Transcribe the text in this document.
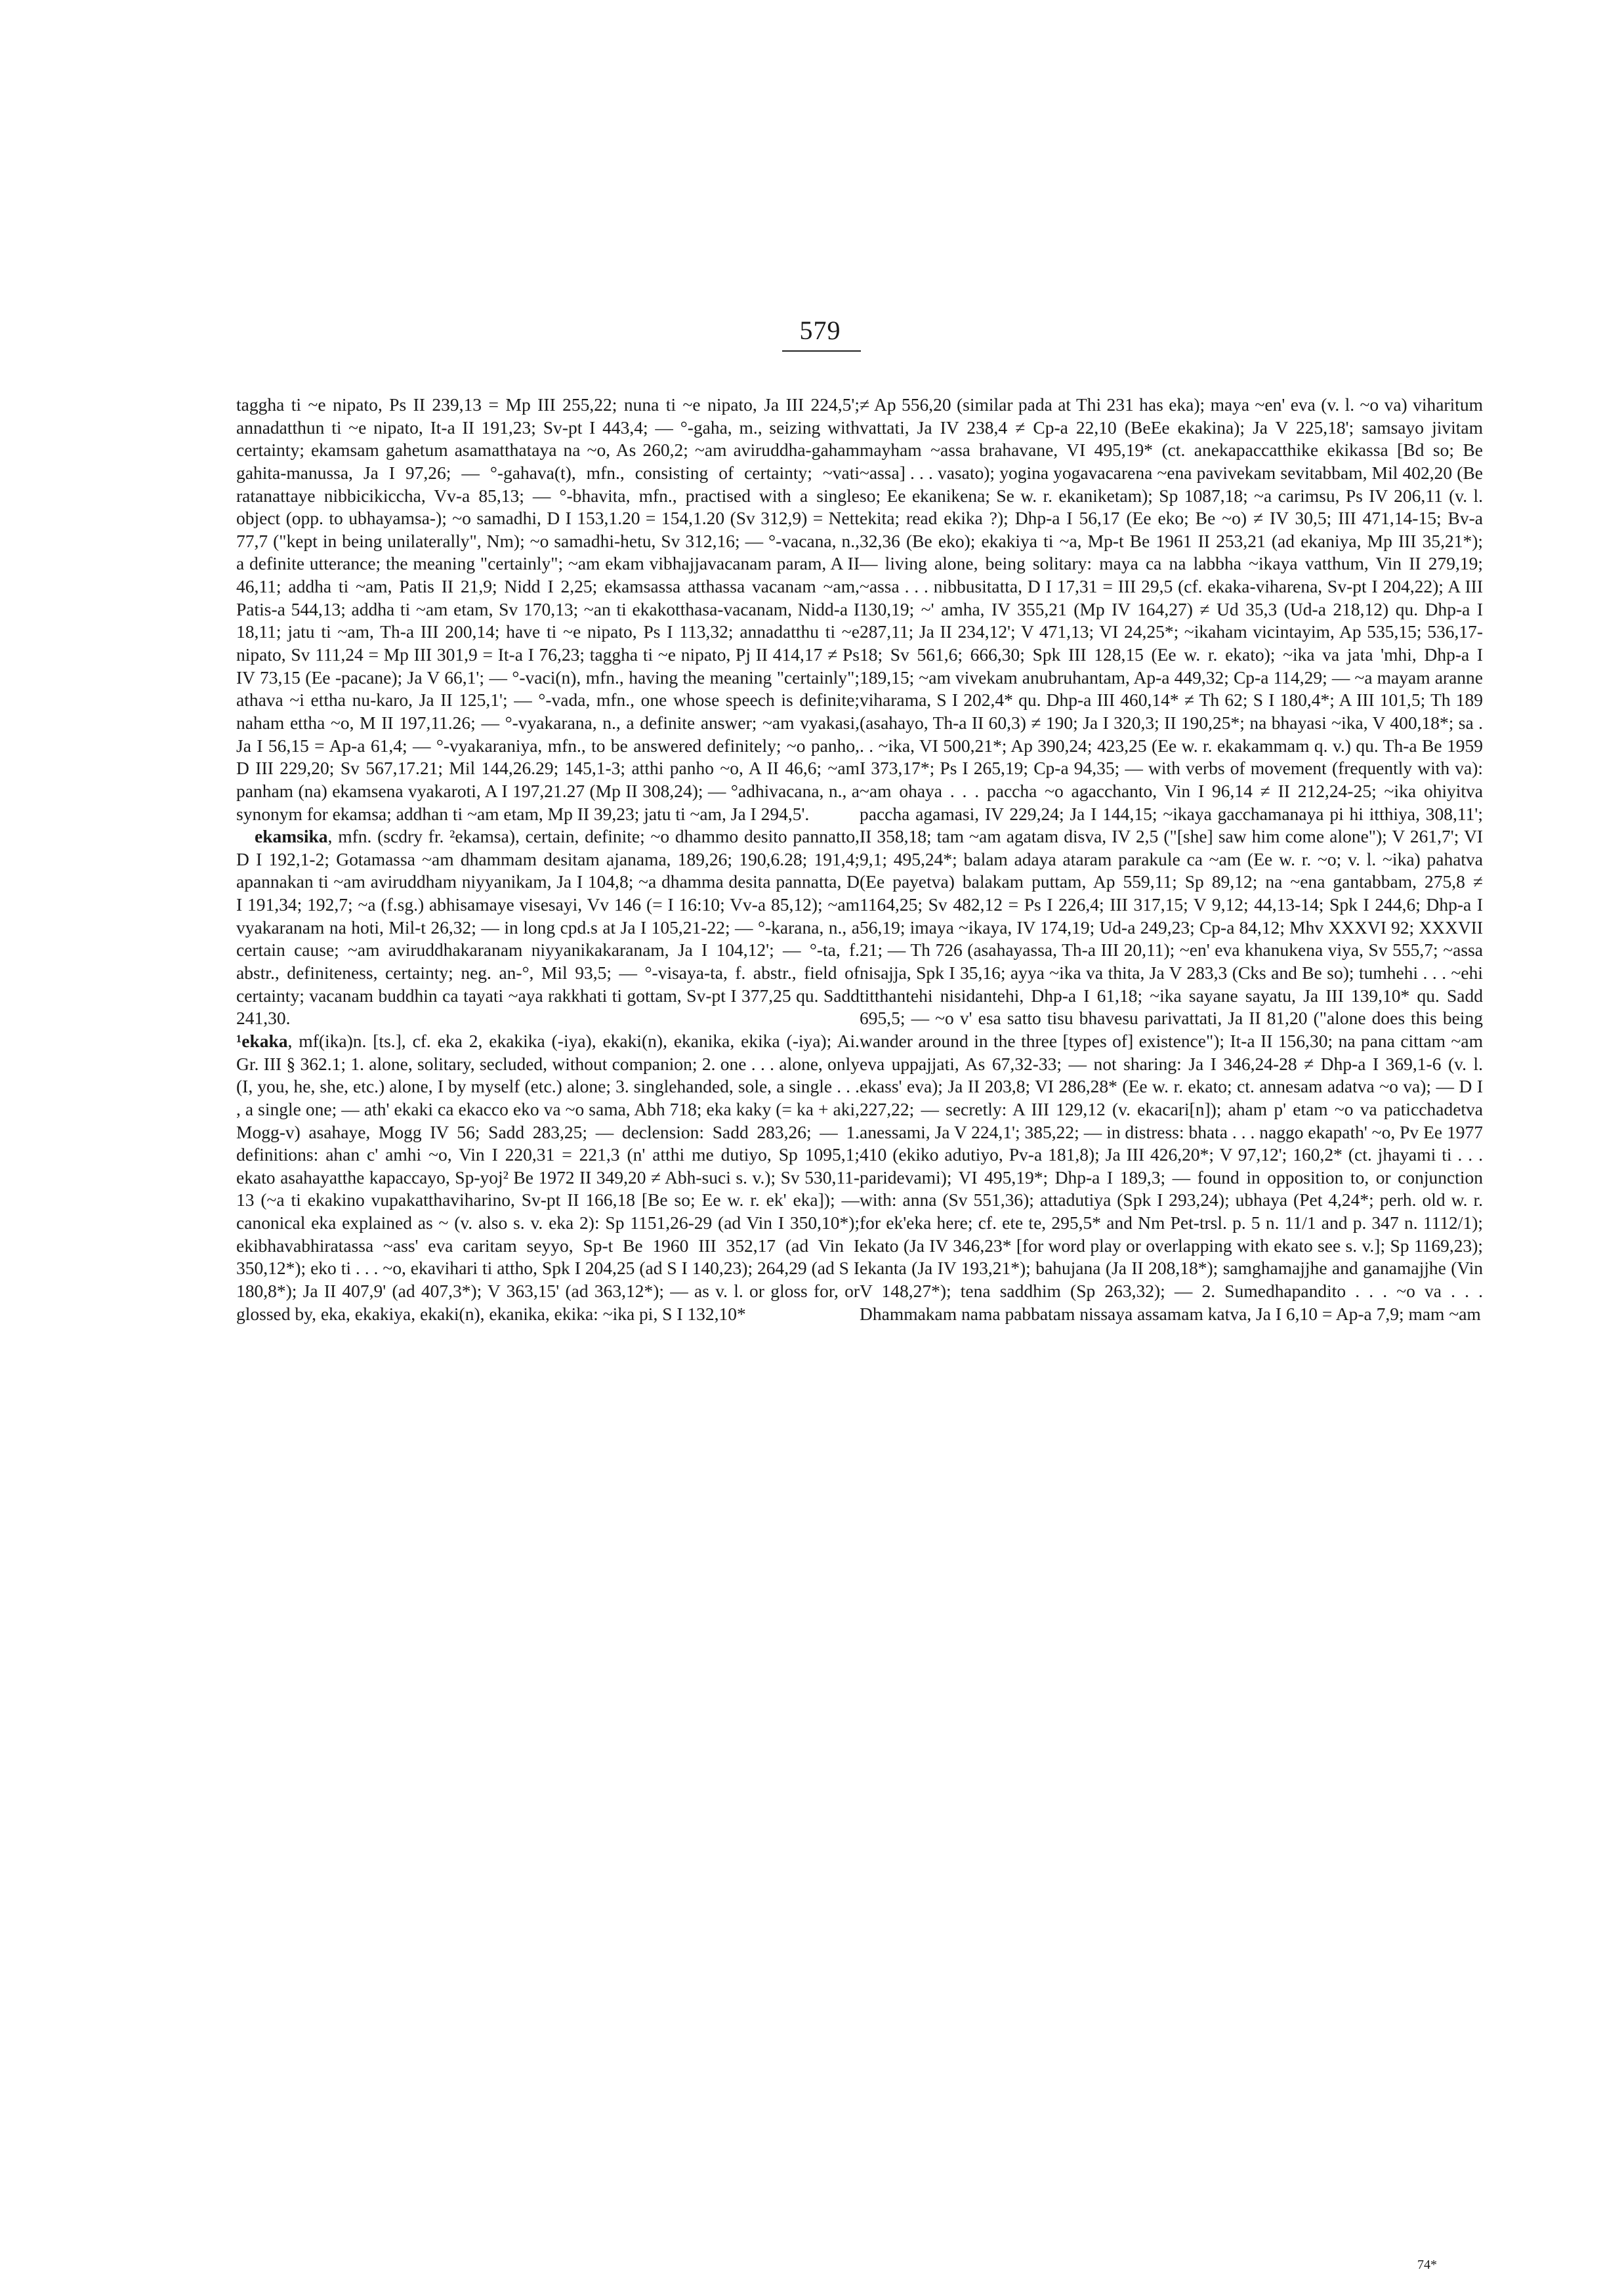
579

taggha ti ~e nipato, Ps II 239,13 = Mp III 255,22; nuna ti ~e nipato, Ja III 224,5'; annadatthun ti ~e nipato, It-a II 191,23; Sv-pt I 443,4; — °-gaha, m., seizing with certainty; ekamsam gahetum asamatthataya na ~o, As 260,2; ~am aviruddha-gaham gahita-manussa, Ja I 97,26; — °-gahava(t), mfn., consisting of certainty; ~vati ratanattaye nibbicikiccha, Vv-a 85,13; — °-bhavita, mfn., practised with a single object (opp. to ubhayamsa-); ~o samadhi, D I 153,1.20 = 154,1.20 (Sv 312,9) = Nett 77,7 ("kept in being unilaterally", Nm); ~o samadhi-hetu, Sv 312,16; — °-vacana, n., a definite utterance; the meaning "certainly"; ~am ekam vibhajjavacanam param, A II 46,11; addha ti ~am, Patis II 21,9; Nidd I 2,25; ekamsassa atthassa vacanam ~am, Patis-a 544,13; addha ti ~am etam, Sv 170,13; ~an ti ekakotthasa-vacanam, Nidd-a I 18,11; jatu ti ~am, Th-a III 200,14; have ti ~e nipato, Ps I 113,32; annadatthu ti ~e nipato, Sv 111,24 = Mp III 301,9 = It-a I 76,23; taggha ti ~e nipato, Pj II 414,17 ≠ Ps IV 73,15 (Ee -pacane); Ja V 66,1'; — °-vaci(n), mfn., having the meaning "certainly"; athava ~i ettha nu-karo, Ja II 125,1'; — °-vada, mfn., one whose speech is definite; naham ettha ~o, M II 197,11.26; — °-vyakarana, n., a definite answer; ~am vyakasi, Ja I 56,15 = Ap-a 61,4; — °-vyakaraniya, mfn., to be answered definitely; ~o panho, D III 229,20; Sv 567,17.21; Mil 144,26.29; 145,1-3; atthi panho ~o, A II 46,6; ~am panham (na) ekamsena vyakaroti, A I 197,21.27 (Mp II 308,24); — °adhivacana, n., a synonym for ekamsa; addhan ti ~am etam, Mp II 39,23; jatu ti ~am, Ja I 294,5'.

ekamsika, mfn. (scdry fr. ²ekamsa), certain, definite; ~o dhammo desito pannatto, D I 192,1-2; Gotamassa ~am dhammam desitam ajanama, 189,26; 190,6.28; 191,4; apannakan ti ~am aviruddham niyyanikam, Ja I 104,8; ~a dhamma desita pannatta, D I 191,34; 192,7; ~a (f.sg.) abhisamaye visesayi, Vv 146 (= I 16:10; Vv-a 85,12); ~am vyakaranam na hoti, Mil-t 26,32; — in long cpd.s at Ja I 105,21-22; — °-karana, n., a certain cause; ~am aviruddhakaranam niyyanikakaranam, Ja I 104,12'; — °-ta, f. abstr., definiteness, certainty; neg. an-°, Mil 93,5; — °-visaya-ta, f. abstr., field of certainty; vacanam buddhin ca tayati ~aya rakkhati ti gottam, Sv-pt I 377,25 qu. Sadd 241,30.

¹ekaka, mf(ika)n. [ts.], cf. eka 2, ekakika (-iya), ekaki(n), ekanika, ekika (-iya); Ai. Gr. III § 362.1; 1. alone, solitary, secluded, without companion; 2. one . . . alone, only (I, you, he, she, etc.) alone, I by myself (etc.) alone; 3. singlehanded, sole, a single . . . , a single one; — ath' ekaki ca ekacco eko va ~o sama, Abh 718; eka kaky (= ka + aki, Mogg-v) asahaye, Mogg IV 56; Sadd 283,25; — declension: Sadd 283,26; — 1. definitions: ahan c' amhi ~o, Vin I 220,31 = 221,3 (n' atthi me dutiyo, Sp 1095,1; ekato asahayatthe kapaccayo, Sp-yoj² Be 1972 II 349,20 ≠ Abh-suci s. v.); Sv 530,11-13 (~a ti ekakino vupakatthaviharino, Sv-pt II 166,18 [Be so; Ee w. r. ek' eka]); — canonical eka explained as ~ (v. also s. v. eka 2): Sp 1151,26-29 (ad Vin I 350,10*); ekibhavabhiratassa ~ass' eva caritam seyyo, Sp-t Be 1960 III 352,17 (ad Vin I 350,12*); eko ti . . . ~o, ekavihari ti attho, Spk I 204,25 (ad S I 140,23); 264,29 (ad S I 180,8*); Ja II 407,9' (ad 407,3*); V 363,15' (ad 363,12*); — as v. l. or gloss for, or glossed by, eka, ekakiya, ekaki(n), ekanika, ekika: ~ika pi, S I 132,10*

≠ Ap 556,20 (similar pada at Thi 231 has eka); maya ~en' eva (v. l. ~o va) viharitum vattati, Ja IV 238,4 ≠ Cp-a 22,10 (BeEe ekakina); Ja V 225,18'; samsayo jivitam mayham ~assa brahavane, VI 495,19* (ct. anekapaccatthike ekikassa [Bd so; Be ~assa] . . . vasato); yogina yogavacarena ~ena pavivekam sevitabbam, Mil 402,20 (Be so; Ee ekanikena; Se w. r. ekaniketam); Sp 1087,18; ~a carimsu, Ps IV 206,11 (v. l. ekita; read ekika ?); Dhp-a I 56,17 (Ee eko; Be ~o) ≠ IV 30,5; III 471,14-15; Bv-a 32,36 (Be eko); ekakiya ti ~a, Mp-t Be 1961 II 253,21 (ad ekaniya, Mp III 35,21*); — living alone, being solitary: maya ca na labbha ~ikaya vatthum, Vin II 279,19; ~assa . . . nibbusitatta, D I 17,31 = III 29,5 (cf. ekaka-viharena, Sv-pt I 204,22); A III 130,19; ~' amha, IV 355,21 (Mp IV 164,27) ≠ Ud 35,3 (Ud-a 218,12) qu. Dhp-a I 287,11; Ja II 234,12'; V 471,13; VI 24,25*; ~ikaham vicintayim, Ap 535,15; 536,17-18; Sv 561,6; 666,30; Spk III 128,15 (Ee w. r. ekato); ~ika va jata 'mhi, Dhp-a I 189,15; ~am vivekam anubruhantam, Ap-a 449,32; Cp-a 114,29; — ~a mayam aranne viharama, S I 202,4* qu. Dhp-a III 460,14* ≠ Th 62; S I 180,4*; A III 101,5; Th 189 (asahayo, Th-a II 60,3) ≠ 190; Ja I 320,3; II 190,25*; na bhayasi ~ika, V 400,18*; sa . . . ~ika, VI 500,21*; Ap 390,24; 423,25 (Ee w. r. ekakammam q. v.) qu. Th-a Be 1959 I 373,17*; Ps I 265,19; Cp-a 94,35; — with verbs of movement (frequently with va): ~am ohaya . . . paccha ~o agacchanto, Vin I 96,14 ≠ II 212,24-25; ~ika ohiyitva paccha agamasi, IV 229,24; Ja I 144,15; ~ikaya gacchamanaya pi hi itthiya, 308,11'; II 358,18; tam ~am agatam disva, IV 2,5 ("[she] saw him come alone"); V 261,7'; VI 9,1; 495,24*; balam adaya ataram parakule ca ~am (Ee w. r. ~o; v. l. ~ika) pahatva (Ee payetva) balakam puttam, Ap 559,11; Sp 89,12; na ~ena gantabbam, 275,8 ≠ 1164,25; Sv 482,12 = Ps I 226,4; III 317,15; V 9,12; 44,13-14; Spk I 244,6; Dhp-a I 56,19; imaya ~ikaya, IV 174,19; Ud-a 249,23; Cp-a 84,12; Mhv XXXVI 92; XXXVII 21; — Th 726 (asahayassa, Th-a III 20,11); ~en' eva khanukena viya, Sv 555,7; ~assa nisajja, Spk I 35,16; ayya ~ika va thita, Ja V 283,3 (Cks and Be so); tumhehi . . . ~ehi titthantehi nisidantehi, Dhp-a I 61,18; ~ika sayane sayatu, Ja III 139,10* qu. Sadd 695,5; — ~o v' esa satto tisu bhavesu parivattati, Ja II 81,20 ("alone does this being wander around in the three [types of] existence"); It-a II 156,30; na pana cittam ~am eva uppajjati, As 67,32-33; — not sharing: Ja I 346,24-28 ≠ Dhp-a I 369,1-6 (v. l. ekass' eva); Ja II 203,8; VI 286,28* (Ee w. r. ekato; ct. annesam adatva ~o va); — D I 227,22; — secretly: A III 129,12 (v. ekacari[n]); aham p' etam ~o va paticchadetva anessami, Ja V 224,1'; 385,22; — in distress: bhata . . . naggo ekapath' ~o, Pv Ee 1977 410 (ekiko adutiyo, Pv-a 181,8); Ja III 426,20*; V 97,12'; 160,2* (ct. jhayami ti . . . paridevami); VI 495,19*; Dhp-a I 189,3; — found in opposition to, or conjunction with: anna (Sv 551,36); attadutiya (Spk I 293,24); ubhaya (Pet 4,24*; perh. old w. r. for ek'eka here; cf. ete te, 295,5* and Nm Pet-trsl. p. 5 n. 11/1 and p. 347 n. 1112/1); ekato (Ja IV 346,23* [for word play or overlapping with ekato see s. v.]; Sp 1169,23); ekanta (Ja IV 193,21*); bahujana (Ja II 208,18*); samghamajjhe and ganamajjhe (Vin V 148,27*); tena saddhim (Sp 263,32); — 2. Sumedhapandito . . . ~o va . . . Dhammakam nama pabbatam nissaya assamam katva, Ja I 6,10 = Ap-a 7,9; mam ~am

74*
